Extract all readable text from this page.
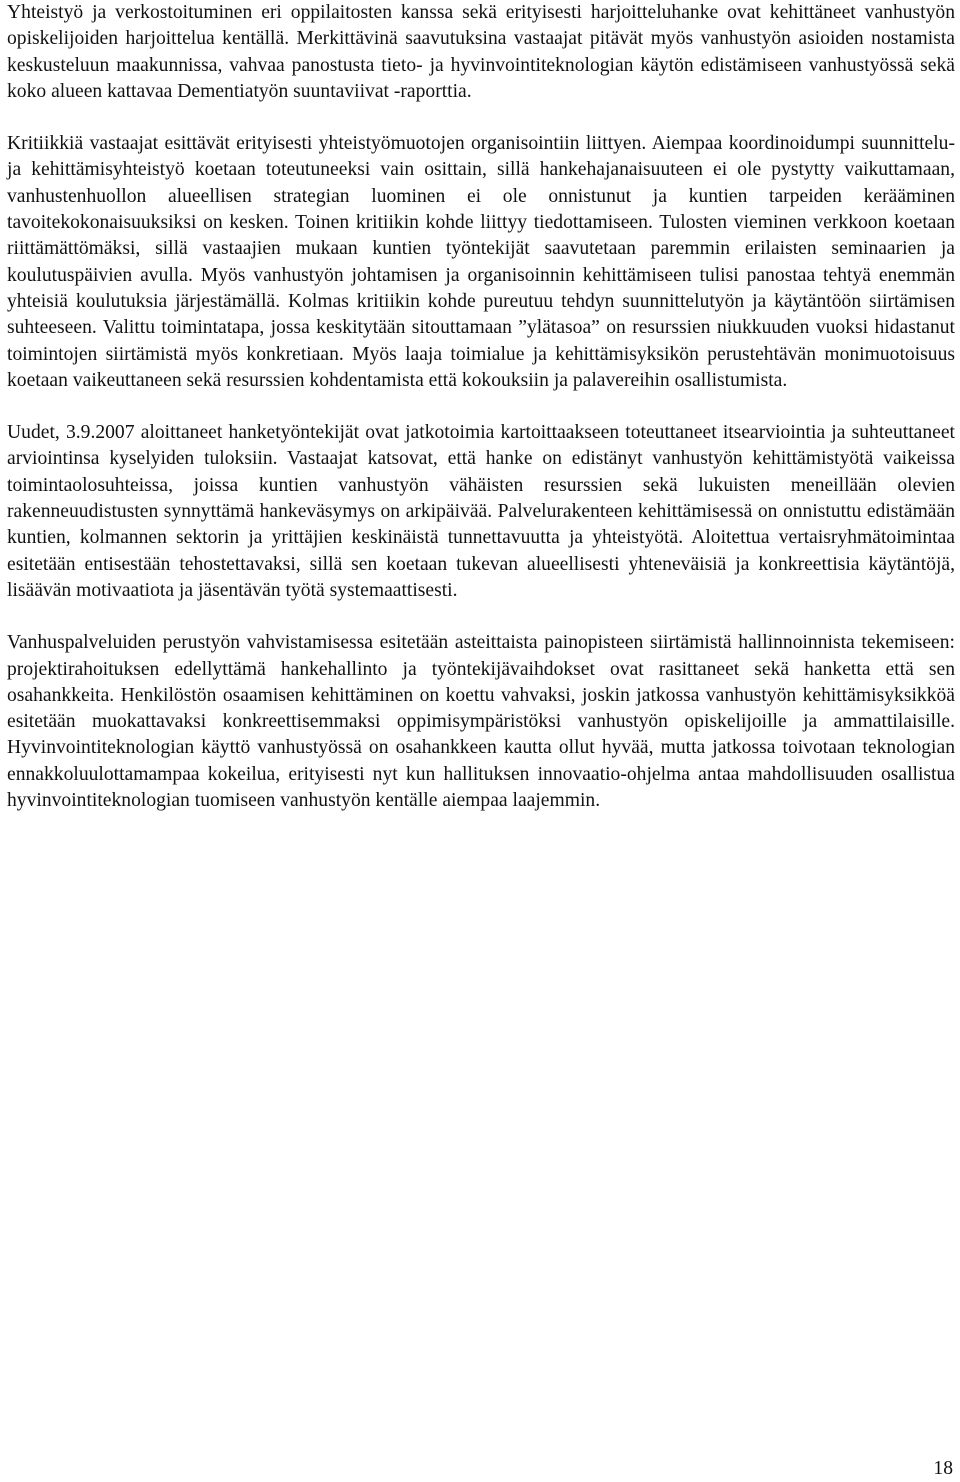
Yhteistyö ja verkostoituminen eri oppilaitosten kanssa sekä erityisesti harjoitteluhanke ovat kehittäneet vanhustyön opiskelijoiden harjoittelua kentällä. Merkittävinä saavutuksina vastaajat pitävät myös vanhustyön asioiden nostamista keskusteluun maakunnissa, vahvaa panostusta tieto- ja hyvinvointiteknologian käytön edistämiseen vanhustyössä sekä koko alueen kattavaa Dementiatyön suuntaviivat -raporttia.

Kritiikkiä vastaajat esittävät erityisesti yhteistyömuotojen organisointiin liittyen. Aiempaa koordinoidumpi suunnittelu- ja kehittämisyhteistyö koetaan toteutuneeksi vain osittain, sillä hankehajanaisuuteen ei ole pystytty vaikuttamaan, vanhustenhuollon alueellisen strategian luominen ei ole onnistunut ja kuntien tarpeiden kerääminen tavoitekokonaisuuksiksi on kesken. Toinen kritiikin kohde liittyy tiedottamiseen. Tulosten vieminen verkkoon koetaan riittämättömäksi, sillä vastaajien mukaan kuntien työntekijät saavutetaan paremmin erilaisten seminaarien ja koulutuspäivien avulla. Myös vanhustyön johtamisen ja organisoinnin kehittämiseen tulisi panostaa tehtyä enemmän yhteisiä koulutuksia järjestämällä. Kolmas kritiikin kohde pureutuu tehdyn suunnittelutyön ja käytäntöön siirtämisen suhteeseen. Valittu toimintatapa, jossa keskitytään sitouttamaan ”ylätasoa” on resurssien niukkuuden vuoksi hidastanut toimintojen siirtämistä myös konkretiaan. Myös laaja toimialue ja kehittämisyksikön perustehtävän monimuotoisuus koetaan vaikeuttaneen sekä resurssien kohdentamista että kokouksiin ja palavereihin osallistumista.

Uudet, 3.9.2007 aloittaneet hanketyöntekijät ovat jatkotoimia kartoittaakseen toteuttaneet itsearviointia ja suhteuttaneet arviointinsa kyselyiden tuloksiin. Vastaajat katsovat, että hanke on edistänyt vanhustyön kehittämistyötä vaikeissa toimintaolosuhteissa, joissa kuntien vanhustyön vähäisten resurssien sekä lukuisten meneillään olevien rakenneuudistusten synnyttämä hankeväsymys on arkipäivää. Palvelurakenteen kehittämisessä on onnistuttu edistämään kuntien, kolmannen sektorin ja yrittäjien keskinäistä tunnettavuutta ja yhteistyötä. Aloitettua vertaisryhmätoimintaa esitetään entisestään tehostettavaksi, sillä sen koetaan tukevan alueellisesti yhteneväisiä ja konkreettisia käytäntöjä, lisäävän motivaatiota ja jäsentävän työtä systemaattisesti.

Vanhuspalveluiden perustyön vahvistamisessa esitetään asteittaista painopisteen siirtämistä hallinnoinnista tekemiseen: projektirahoituksen edellyttämä hankehallinto ja työntekijävaihdokset ovat rasittaneet sekä hanketta että sen osahankkeita. Henkilöstön osaamisen kehittäminen on koettu vahvaksi, joskin jatkossa vanhustyön kehittämisyksikköä esitetään muokattavaksi konkreettisemmaksi oppimisympäristöksi vanhustyön opiskelijoille ja ammattilaisille. Hyvinvointiteknologian käyttö vanhustyössä on osahankkeen kautta ollut hyvää, mutta jatkossa toivotaan teknologian ennakkoluulottamampaa kokeilua, erityisesti nyt kun hallituksen innovaatio-ohjelma antaa mahdollisuuden osallistua hyvinvointiteknologian tuomiseen vanhustyön kentälle aiempaa laajemmin.

18
